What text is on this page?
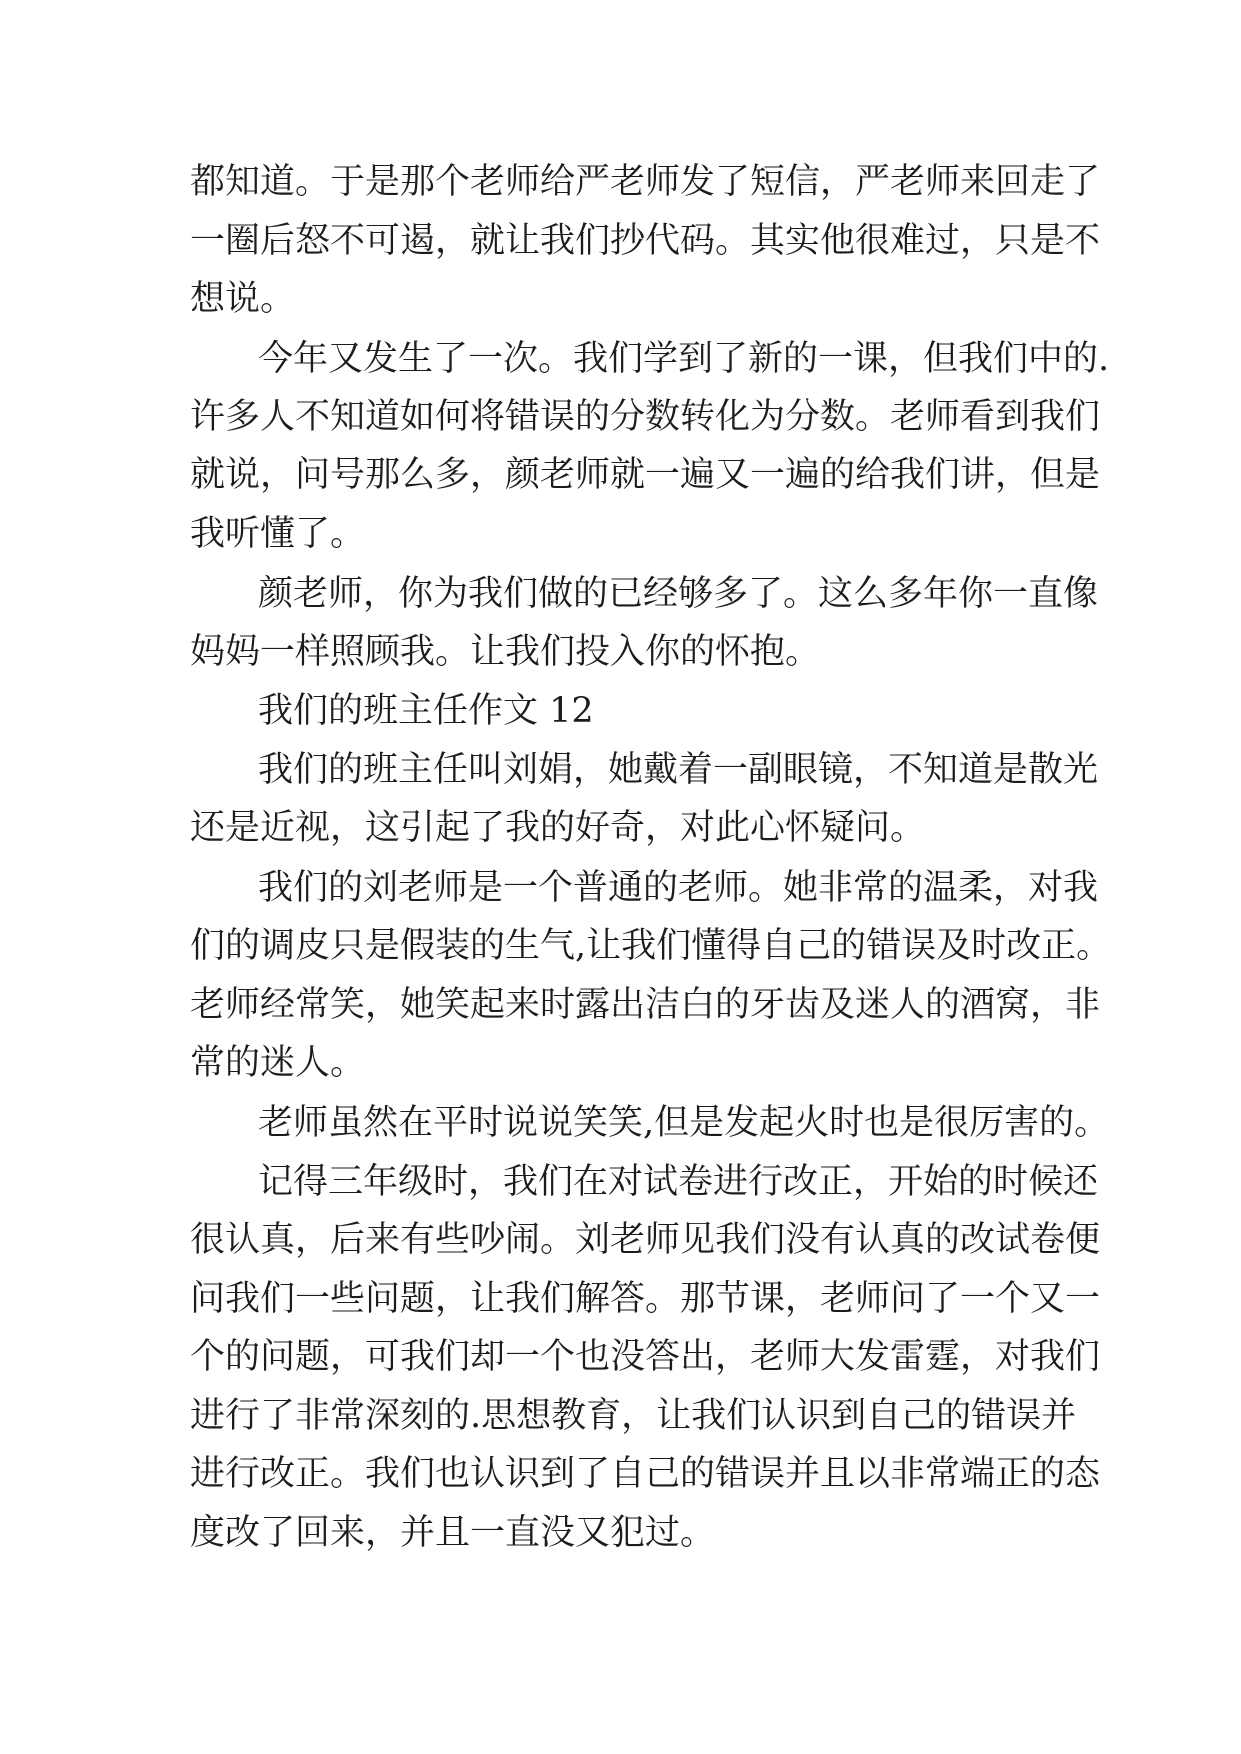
都知道。于是那个老师给严老师发了短信，严老师来回走了
一圈后怒不可遏，就让我们抄代码。其实他很难过，只是不
想说。
今年又发生了一次。我们学到了新的一课，但我们中的.
许多人不知道如何将错误的分数转化为分数。老师看到我们
就说，问号那么多，颜老师就一遍又一遍的给我们讲，但是
我听懂了。
颜老师，你为我们做的已经够多了。这么多年你一直像
妈妈一样照顾我。让我们投入你的怀抱。
我们的班主任作文 12
我们的班主任叫刘娟，她戴着一副眼镜，不知道是散光
还是近视，这引起了我的好奇，对此心怀疑问。
我们的刘老师是一个普通的老师。她非常的温柔，对我
们的调皮只是假装的生气,让我们懂得自己的错误及时改正。
老师经常笑，她笑起来时露出洁白的牙齿及迷人的酒窝，非
常的迷人。
老师虽然在平时说说笑笑,但是发起火时也是很厉害的。
记得三年级时，我们在对试卷进行改正，开始的时候还
很认真，后来有些吵闹。刘老师见我们没有认真的改试卷便
问我们一些问题，让我们解答。那节课，老师问了一个又一
个的问题，可我们却一个也没答出，老师大发雷霆，对我们
进行了非常深刻的.思想教育，让我们认识到自己的错误并
进行改正。我们也认识到了自己的错误并且以非常端正的态
度改了回来，并且一直没又犯过。
